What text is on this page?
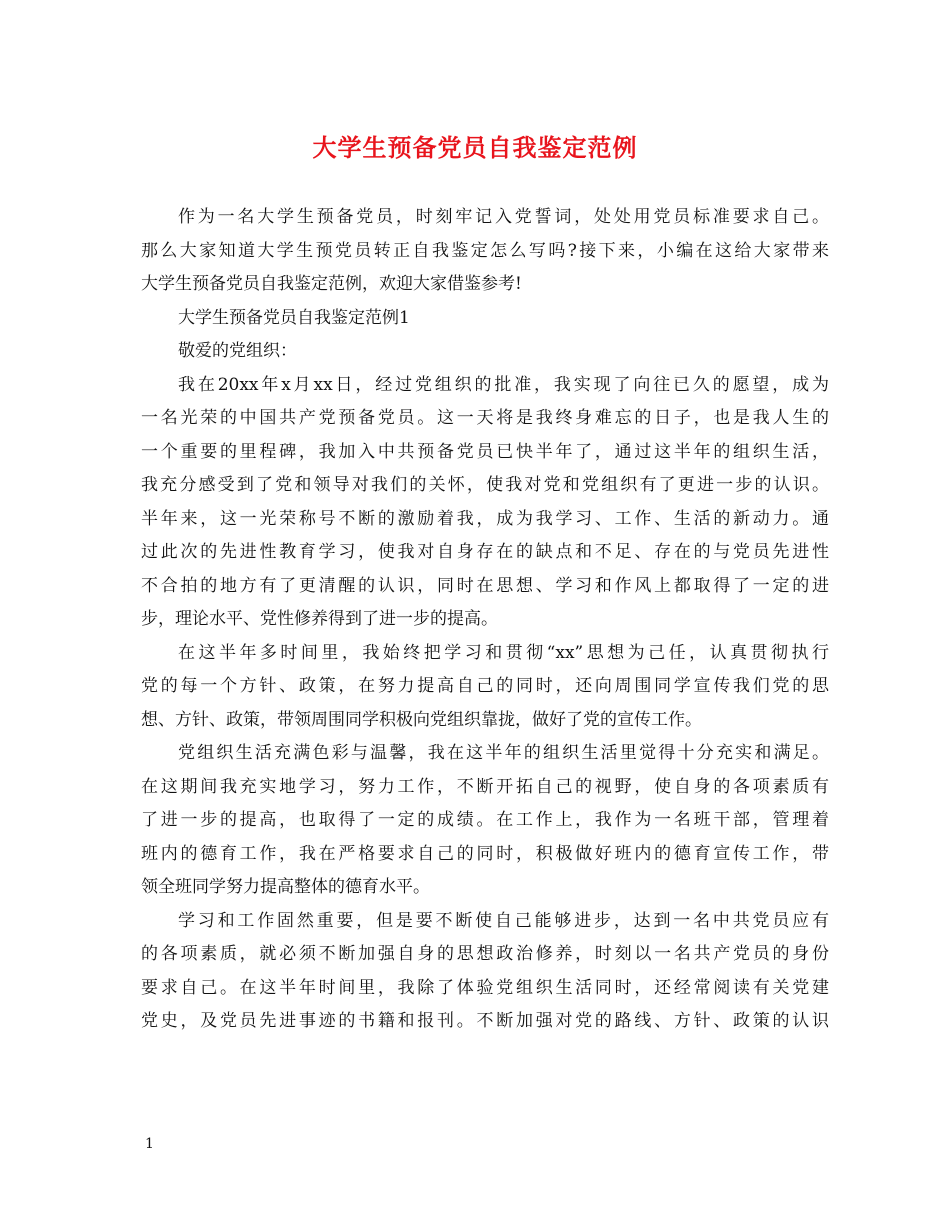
大学生预备党员自我鉴定范例
作为一名大学生预备党员，时刻牢记入党誓词，处处用党员标准要求自己。
那么大家知道大学生预党员转正自我鉴定怎么写吗?接下来，小编在这给大家带来
大学生预备党员自我鉴定范例，欢迎大家借鉴参考!
大学生预备党员自我鉴定范例1
敬爱的党组织：
我在20xx年x月xx日，经过党组织的批准，我实现了向往已久的愿望，成为
一名光荣的中国共产党预备党员。这一天将是我终身难忘的日子，也是我人生的
一个重要的里程碑，我加入中共预备党员已快半年了，通过这半年的组织生活，
我充分感受到了党和领导对我们的关怀，使我对党和党组织有了更进一步的认识。
半年来，这一光荣称号不断的激励着我，成为我学习、工作、生活的新动力。通
过此次的先进性教育学习，使我对自身存在的缺点和不足、存在的与党员先进性
不合拍的地方有了更清醒的认识，同时在思想、学习和作风上都取得了一定的进
步，理论水平、党性修养得到了进一步的提高。
在这半年多时间里，我始终把学习和贯彻“xx”思想为己任，认真贯彻执行
党的每一个方针、政策，在努力提高自己的同时，还向周围同学宣传我们党的思
想、方针、政策，带领周围同学积极向党组织靠拢，做好了党的宣传工作。
党组织生活充满色彩与温馨，我在这半年的组织生活里觉得十分充实和满足。
在这期间我充实地学习，努力工作，不断开拓自己的视野，使自身的各项素质有
了进一步的提高，也取得了一定的成绩。在工作上，我作为一名班干部，管理着
班内的德育工作，我在严格要求自己的同时，积极做好班内的德育宣传工作，带
领全班同学努力提高整体的德育水平。
学习和工作固然重要，但是要不断使自己能够进步，达到一名中共党员应有
的各项素质，就必须不断加强自身的思想政治修养，时刻以一名共产党员的身份
要求自己。在这半年时间里，我除了体验党组织生活同时，还经常阅读有关党建
党史，及党员先进事迹的书籍和报刊。不断加强对党的路线、方针、政策的认识
1
